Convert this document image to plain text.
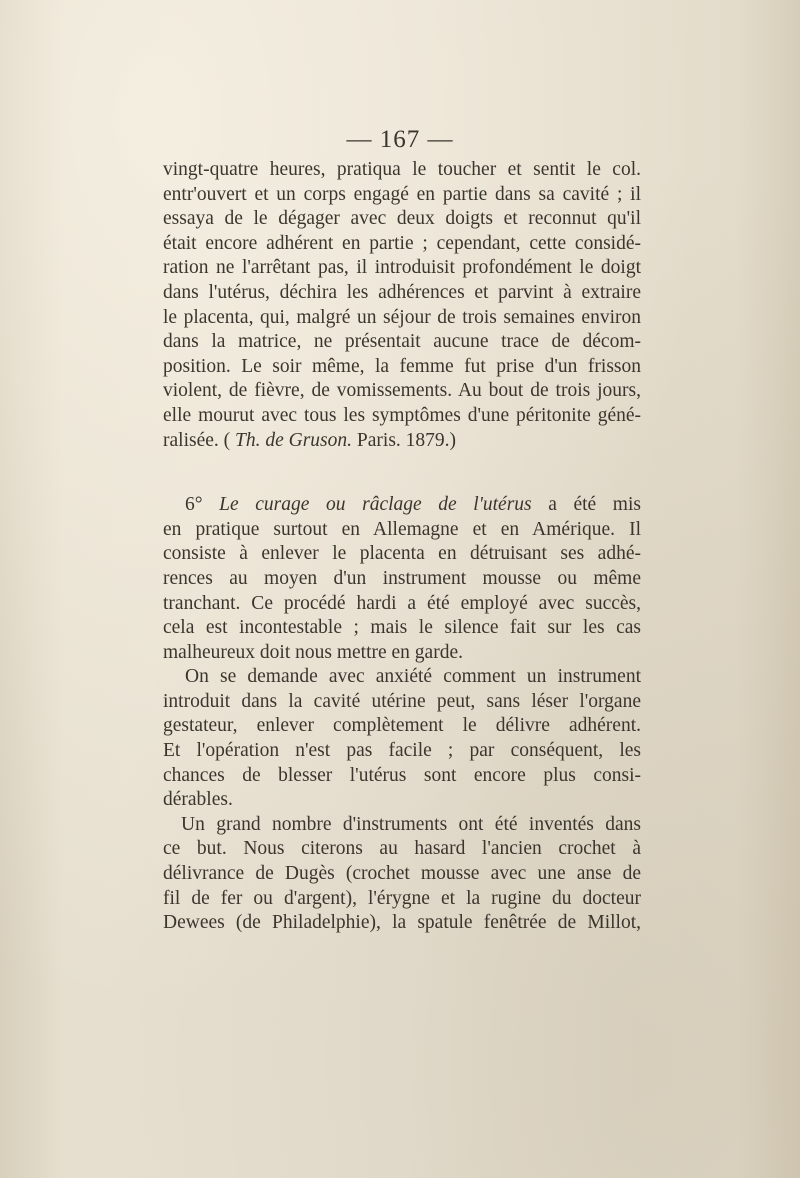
— 167 —
vingt-quatre heures, pratiqua le toucher et sentit le col.
entr'ouvert et un corps engagé en partie dans sa cavité ; il
essaya de le dégager avec deux doigts et reconnut qu'il
était encore adhérent en partie ; cependant, cette considé-
ration ne l'arrêtant pas, il introduisit profondément le doigt
dans l'utérus, déchira les adhérences et parvint à extraire
le placenta, qui, malgré un séjour de trois semaines environ
dans la matrice, ne présentait aucune trace de décom-
position. Le soir même, la femme fut prise d'un frisson
violent, de fièvre, de vomissements. Au bout de trois jours,
elle mourut avec tous les symptômes d'une péritonite géné-
ralisée. ( Th. de Gruson. Paris. 1879.)
6° Le curage ou râclage de l'utérus a été mis
en pratique surtout en Allemagne et en Amérique. Il
consiste à enlever le placenta en détruisant ses adhé-
rences au moyen d'un instrument mousse ou même
tranchant. Ce procédé hardi a été employé avec succès,
cela est incontestable ; mais le silence fait sur les cas
malheureux doit nous mettre en garde.
On se demande avec anxiété comment un instrument
introduit dans la cavité utérine peut, sans léser l'organe
gestateur, enlever complètement le délivre adhérent.
Et l'opération n'est pas facile ; par conséquent, les
chances de blesser l'utérus sont encore plus consi-
dérables.
Un grand nombre d'instruments ont été inventés dans
ce but. Nous citerons au hasard l'ancien crochet à
délivrance de Dugès (crochet mousse avec une anse de
fil de fer ou d'argent), l'érygne et la rugine du docteur
Dewees (de Philadelphie), la spatule fenêtrée de Millot,
